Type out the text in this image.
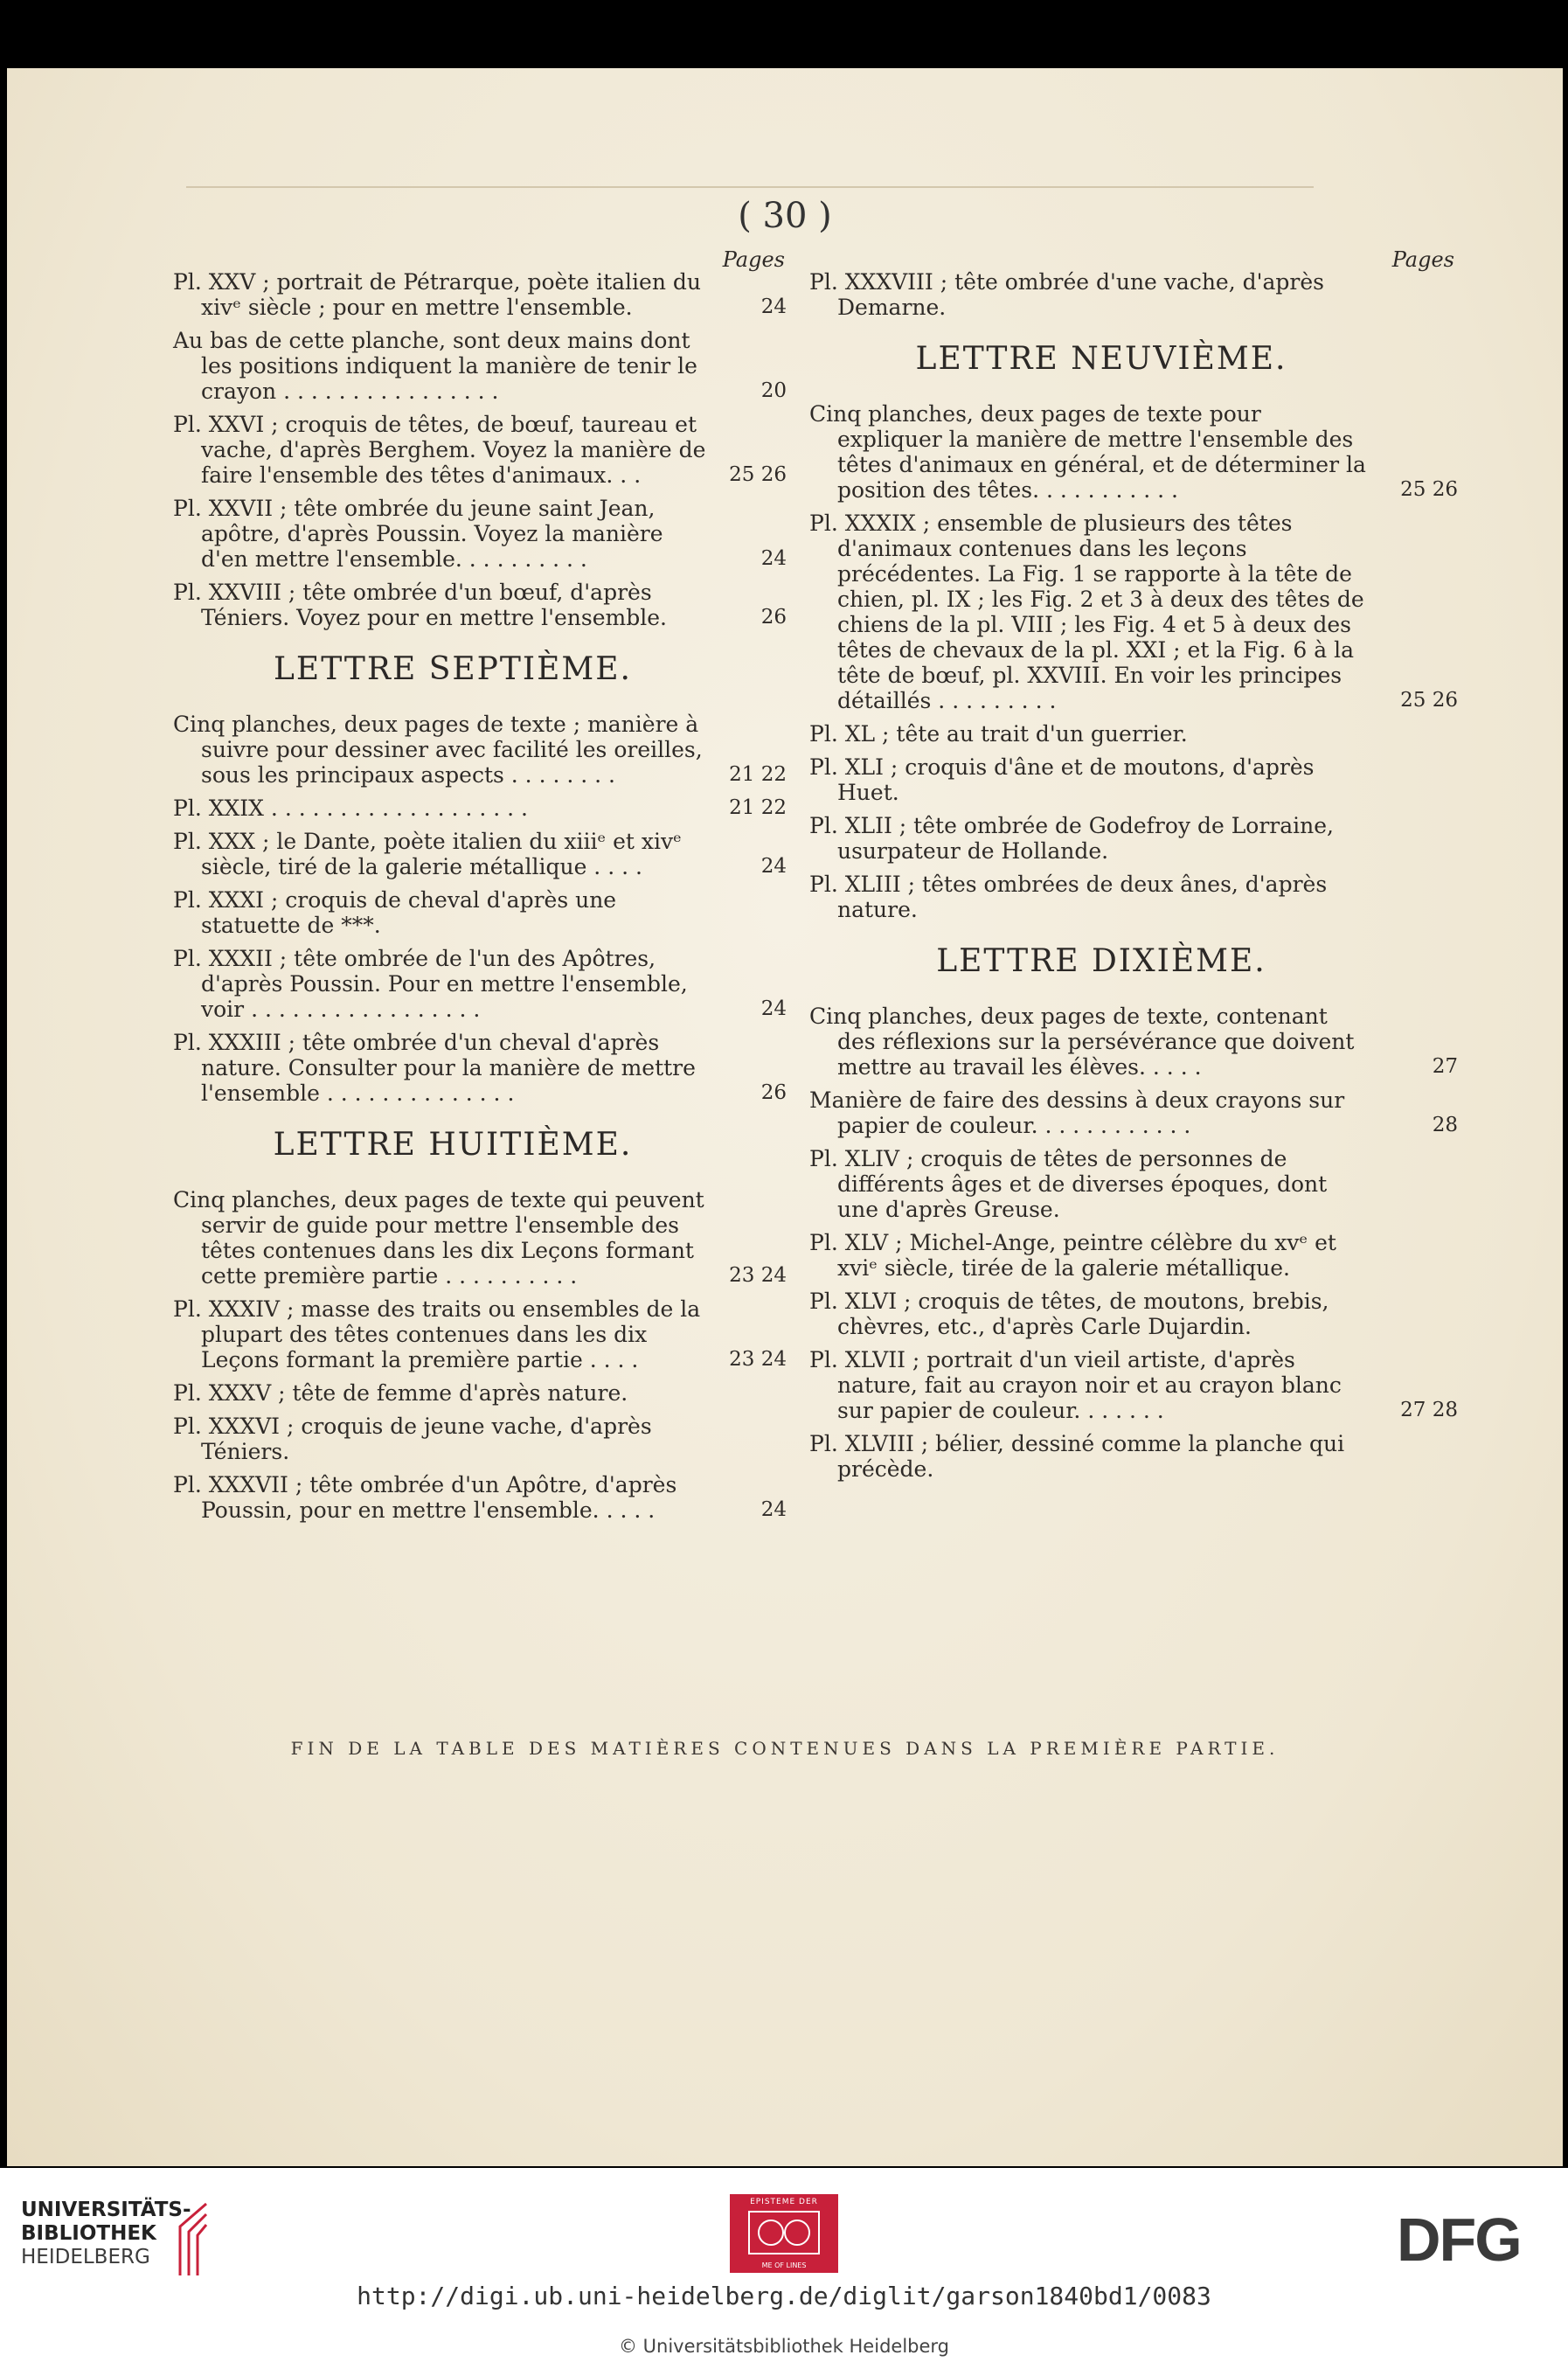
( 30 )
Pages
Pl. XXV ; portrait de Pétrarque, poète italien du xivᵉ siècle ; pour en mettre l'ensemble.	24
Au bas de cette planche, sont deux mains dont les positions indiquent la manière de tenir le crayon . . . . . . . . . . . . . . . .	20
Pl. XXVI ; croquis de têtes, de bœuf, taureau et vache, d'après Berghem. Voyez la manière de faire l'ensemble des têtes d'animaux. . .	25 26
Pl. XXVII ; tête ombrée du jeune saint Jean, apôtre, d'après Poussin. Voyez la manière d'en mettre l'ensemble. . . . . . . . . .	24
Pl. XXVIII ; tête ombrée d'un bœuf, d'après Téniers. Voyez pour en mettre l'ensemble.	26
LETTRE SEPTIÈME.
Cinq planches, deux pages de texte ; manière à suivre pour dessiner avec facilité les oreilles, sous les principaux aspects . . . . . . . .	21 22
Pl. XXIX . . . . . . . . . . . . . . . . . . .	21 22
Pl. XXX ; le Dante, poète italien du xiiiᵉ et xivᵉ siècle, tiré de la galerie métallique . . . .	24
Pl. XXXI ; croquis de cheval d'après une statuette de ***.
Pl. XXXII ; tête ombrée de l'un des Apôtres, d'après Poussin. Pour en mettre l'ensemble, voir . . . . . . . . . . . . . . . . .	24
Pl. XXXIII ; tête ombrée d'un cheval d'après nature. Consulter pour la manière de mettre l'ensemble . . . . . . . . . . . . . .	26
LETTRE HUITIÈME.
Cinq planches, deux pages de texte qui peuvent servir de guide pour mettre l'ensemble des têtes contenues dans les dix Leçons formant cette première partie . . . . . . . . . .	23 24
Pl. XXXIV ; masse des traits ou ensembles de la plupart des têtes contenues dans les dix Leçons formant la première partie . . . .	23 24
Pl. XXXV ; tête de femme d'après nature.
Pl. XXXVI ; croquis de jeune vache, d'après Téniers.
Pl. XXXVII ; tête ombrée d'un Apôtre, d'après Poussin, pour en mettre l'ensemble. . . . .	24
Pages
Pl. XXXVIII ; tête ombrée d'une vache, d'après Demarne.
LETTRE NEUVIÈME.
Cinq planches, deux pages de texte pour expliquer la manière de mettre l'ensemble des têtes d'animaux en général, et de déterminer la position des têtes. . . . . . . . . . .	25 26
Pl. XXXIX ; ensemble de plusieurs des têtes d'animaux contenues dans les leçons précédentes. La Fig. 1 se rapporte à la tête de chien, pl. IX ; les Fig. 2 et 3 à deux des têtes de chiens de la pl. VIII ; les Fig. 4 et 5 à deux des têtes de chevaux de la pl. XXI ; et la Fig. 6 à la tête de bœuf, pl. XXVIII. En voir les principes détaillés . . . . . . . . .	25 26
Pl. XL ; tête au trait d'un guerrier.
Pl. XLI ; croquis d'âne et de moutons, d'après Huet.
Pl. XLII ; tête ombrée de Godefroy de Lorraine, usurpateur de Hollande.
Pl. XLIII ; têtes ombrées de deux ânes, d'après nature.
LETTRE DIXIÈME.
Cinq planches, deux pages de texte, contenant des réflexions sur la persévérance que doivent mettre au travail les élèves. . . . .	27
Manière de faire des dessins à deux crayons sur papier de couleur. . . . . . . . . . . .	28
Pl. XLIV ; croquis de têtes de personnes de différents âges et de diverses époques, dont une d'après Greuse.
Pl. XLV ; Michel-Ange, peintre célèbre du xvᵉ et xviᵉ siècle, tirée de la galerie métallique.
Pl. XLVI ; croquis de têtes, de moutons, brebis, chèvres, etc., d'après Carle Dujardin.
Pl. XLVII ; portrait d'un vieil artiste, d'après nature, fait au crayon noir et au crayon blanc sur papier de couleur. . . . . . .	27 28
Pl. XLVIII ; bélier, dessiné comme la planche qui précède.
FIN DE LA TABLE DES MATIÈRES CONTENUES DANS LA PREMIÈRE PARTIE.
UNIVERSITÄTS-
BIBLIOTHEK
HEIDELBERG
EPISTEME DER
ME OF LINES	DFG
http://digi.ub.uni-heidelberg.de/diglit/garson1840bd1/0083
© Universitätsbibliothek Heidelberg
